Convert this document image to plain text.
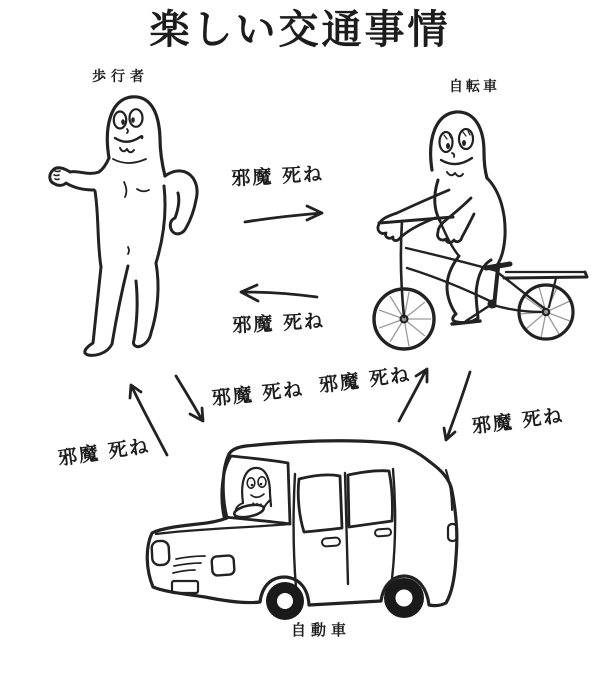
楽しい交通事情
歩行者
自転車
自動車
邪魔 死ね
邪魔 死ね
邪魔 死ね
邪魔 死ね
邪魔 死ね
邪魔 死ね
